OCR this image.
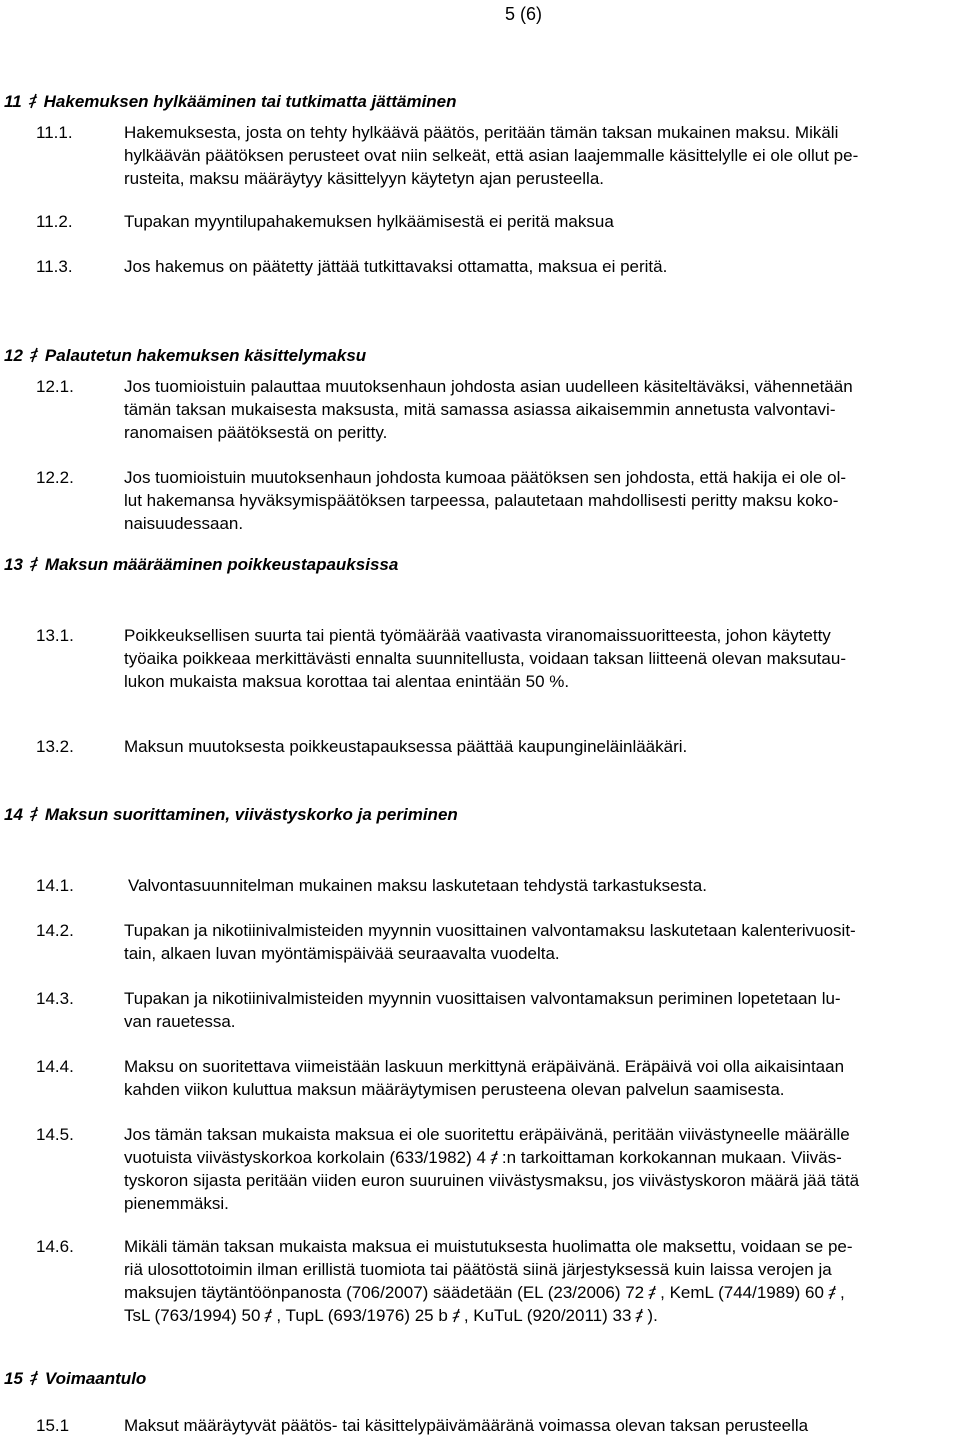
5 (6)
11 Hakemuksen hylkääminen tai tutkimatta jättäminen
11.1.	Hakemuksesta, josta on tehty hylkäävä päätös, peritään tämän taksan mukainen maksu. Mikäli
hylkäävän päätöksen perusteet ovat niin selkeät, että asian laajemmalle käsittelylle ei ole ollut pe-
rusteita, maksu määräytyy käsittelyyn käytetyn ajan perusteella.

11.2.	Tupakan myyntilupahakemuksen hylkäämisestä ei peritä maksua

11.3.	Jos hakemus on päätetty jättää tutkittavaksi ottamatta, maksua ei peritä.

12 Palautetun hakemuksen käsittelymaksu
12.1.	Jos tuomioistuin palauttaa muutoksenhaun johdosta asian uudelleen käsiteltäväksi, vähennetään
tämän taksan mukaisesta maksusta, mitä samassa asiassa aikaisemmin annetusta valvontavi-
ranomaisen päätöksestä on peritty.

12.2.	Jos tuomioistuin muutoksenhaun johdosta kumoaa päätöksen sen johdosta, että hakija ei ole ol-
lut hakemansa hyväksymispäätöksen tarpeessa, palautetaan mahdollisesti peritty maksu koko-
naisuudessaan.

13 Maksun määrääminen poikkeustapauksissa
13.1.	Poikkeuksellisen suurta tai pientä työmäärää vaativasta viranomaissuoritteesta, johon käytetty
työaika poikkeaa merkittävästi ennalta suunnitellusta, voidaan taksan liitteenä olevan maksutau-
lukon mukaista maksua korottaa tai alentaa enintään 50 %.

13.2.	Maksun muutoksesta poikkeustapauksessa päättää kaupungineläinlääkäri.

14 Maksun suorittaminen, viivästyskorko ja periminen
14.1.	Valvontasuunnitelman mukainen maksu laskutetaan tehdystä tarkastuksesta.

14.2.	Tupakan ja nikotiinivalmisteiden myynnin vuosittainen valvontamaksu laskutetaan kalenterivuosit-
tain, alkaen luvan myöntämispäivää seuraavalta vuodelta.

14.3.	Tupakan ja nikotiinivalmisteiden myynnin vuosittaisen valvontamaksun periminen lopetetaan lu-
van rauetessa.

14.4.	Maksu on suoritettava viimeistään laskuun merkittynä eräpäivänä. Eräpäivä voi olla aikaisintaan
kahden viikon kuluttua maksun määräytymisen perusteena olevan palvelun saamisesta.

14.5.	Jos tämän taksan mukaista maksua ei ole suoritettu eräpäivänä, peritään viivästyneelle määrälle
vuotuista viivästyskorkoa korkolain (633/1982) 4 :n tarkoittaman korkokannan mukaan. Viiväs-
tyskoron sijasta peritään viiden euron suuruinen viivästysmaksu, jos viivästyskoron määrä jää tätä
pienemmäksi.

14.6.	Mikäli tämän taksan mukaista maksua ei muistutuksesta huolimatta ole maksettu, voidaan se pe-
riä ulosottotoimin ilman erillistä tuomiota tai päätöstä siinä järjestyksessä kuin laissa verojen ja
maksujen täytäntöönpanosta (706/2007) säädetään (EL (23/2006) 72 , KemL (744/1989) 60 ,
TsL (763/1994) 50 , TupL (693/1976) 25 b , KuTuL (920/2011) 33 ).

15 Voimaantulo
15.1	Maksut määräytyvät päätös- tai käsittelypäivämääränä voimassa olevan taksan perusteella
